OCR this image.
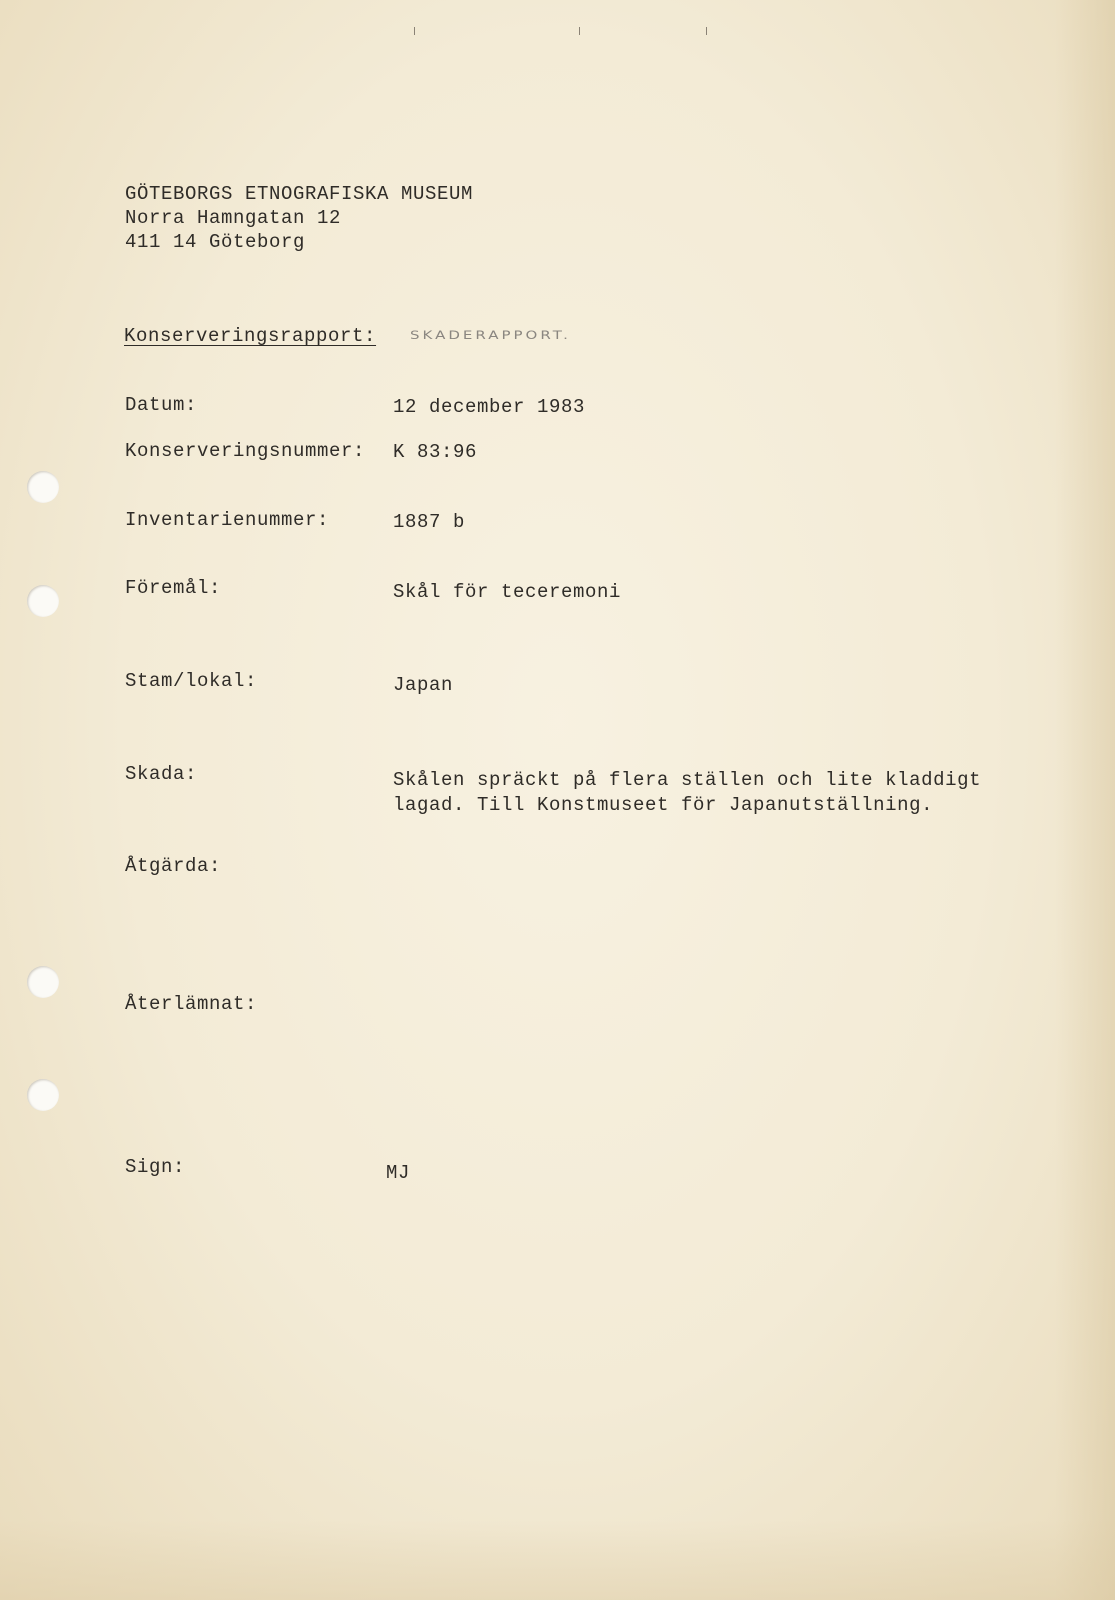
GÖTEBORGS ETNOGRAFISKA MUSEUM
Norra Hamngatan 12
411 14 Göteborg
Konserveringsrapport: SKADERAPPORT.
Datum:	12 december 1983
Konserveringsnummer: K 83:96
Inventarienummer:	1887 b
Föremål:	Skål för teceremoni
Stam/lokal:	Japan
Skada:	Skålen spräckt på flera ställen och lite kladdigt
lagad. Till Konstmuseet för Japanutställning.
Åtgärda:
Återlämnat:
Sign:	MJ
